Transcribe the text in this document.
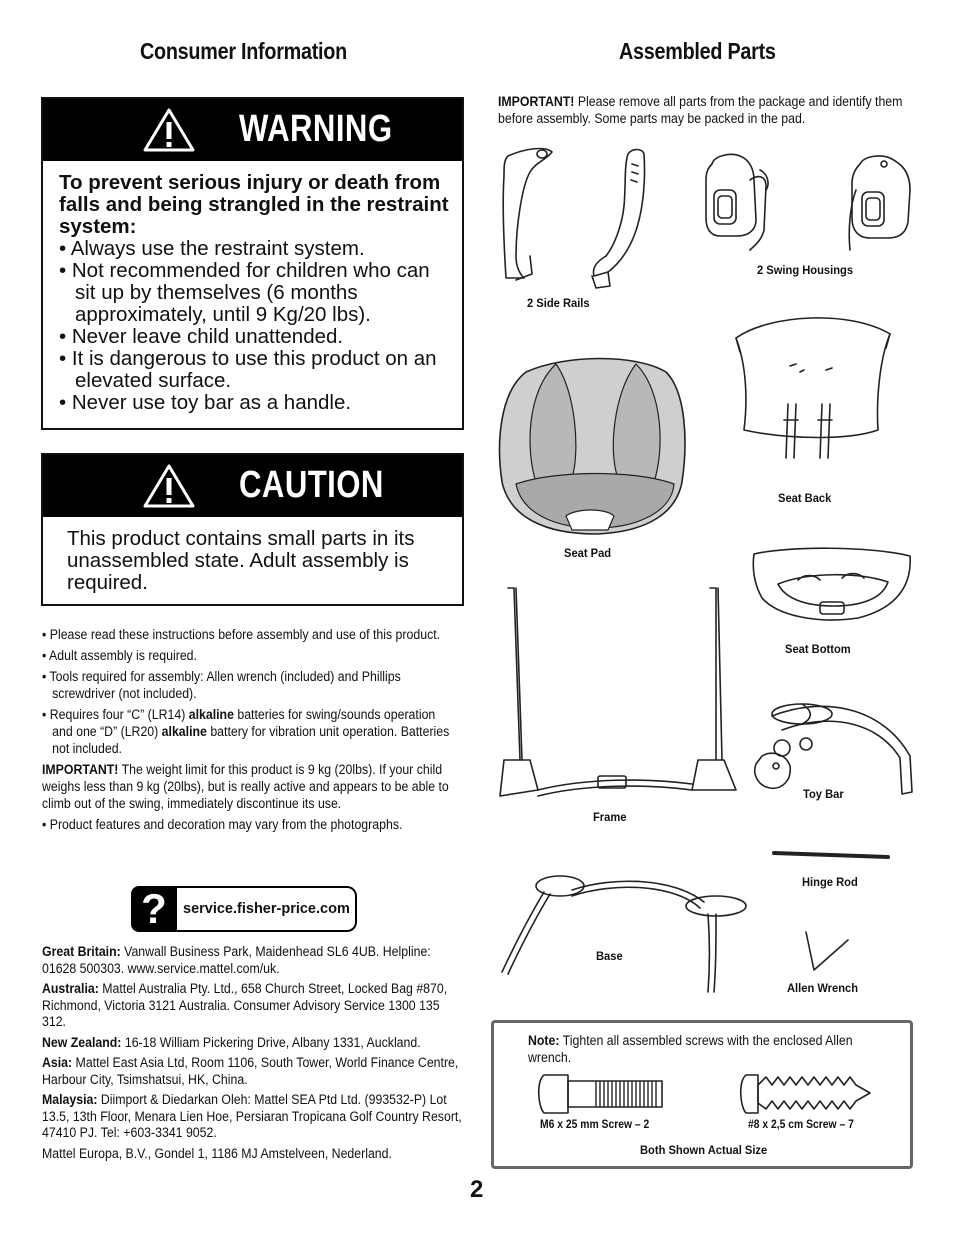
Consumer Information	Assembled Parts
WARNING
To prevent serious injury or death from falls and being strangled in the restraint system:
• Always use the restraint system.
• Not recommended for children who can sit up by themselves (6 months approximately, until 9 Kg/20 lbs).
• Never leave child unattended.
• It is dangerous to use this product on an elevated surface.
• Never use toy bar as a handle.
CAUTION
This product contains small parts in its unassembled state. Adult assembly is required.

• Please read these instructions before assembly and use of this product.

• Adult assembly is required.

• Tools required for assembly: Allen wrench (included) and Phillips screwdriver (not included).

• Requires four “C” (LR14) alkaline batteries for swing/sounds operation and one “D” (LR20) alkaline battery for vibration unit operation. Batteries not included.

IMPORTANT! The weight limit for this product is 9 kg (20lbs). If your child weighs less than 9 kg (20lbs), but is really active and appears to be able to climb out of the swing, immediately discontinue its use.

• Product features and decoration may vary from the photographs.

?	service.fisher-price.com

Great Britain: Vanwall Business Park, Maidenhead SL6 4UB. Helpline: 01628 500303. www.service.mattel.com/uk.

Australia: Mattel Australia Pty. Ltd., 658 Church Street, Locked Bag #870, Richmond, Victoria 3121 Australia. Consumer Advisory Service 1300 135 312.

New Zealand: 16-18 William Pickering Drive, Albany 1331, Auckland.

Asia: Mattel East Asia Ltd, Room 1106, South Tower, World Finance Centre, Harbour City, Tsimshatsui, HK, China.

Malaysia: Diimport & Diedarkan Oleh: Mattel SEA Ptd Ltd. (993532-P) Lot 13.5, 13th Floor, Menara Lien Hoe, Persiaran Tropicana Golf Country Resort, 47410 PJ. Tel: +603-3341 9052.

Mattel Europa, B.V., Gondel 1, 1186 MJ Amstelveen, Nederland.

IMPORTANT! Please remove all parts from the package and identify them before assembly. Some parts may be packed in the pad.
2 Side Rails
2 Swing Housings
Seat Back
Seat Pad
Seat Bottom
Frame
Toy Bar
Hinge Rod
Base
Allen Wrench
Note: Tighten all assembled screws with the enclosed Allen wrench.
M6 x 25 mm Screw – 2	#8 x 2,5 cm Screw – 7
Both Shown Actual Size
2
